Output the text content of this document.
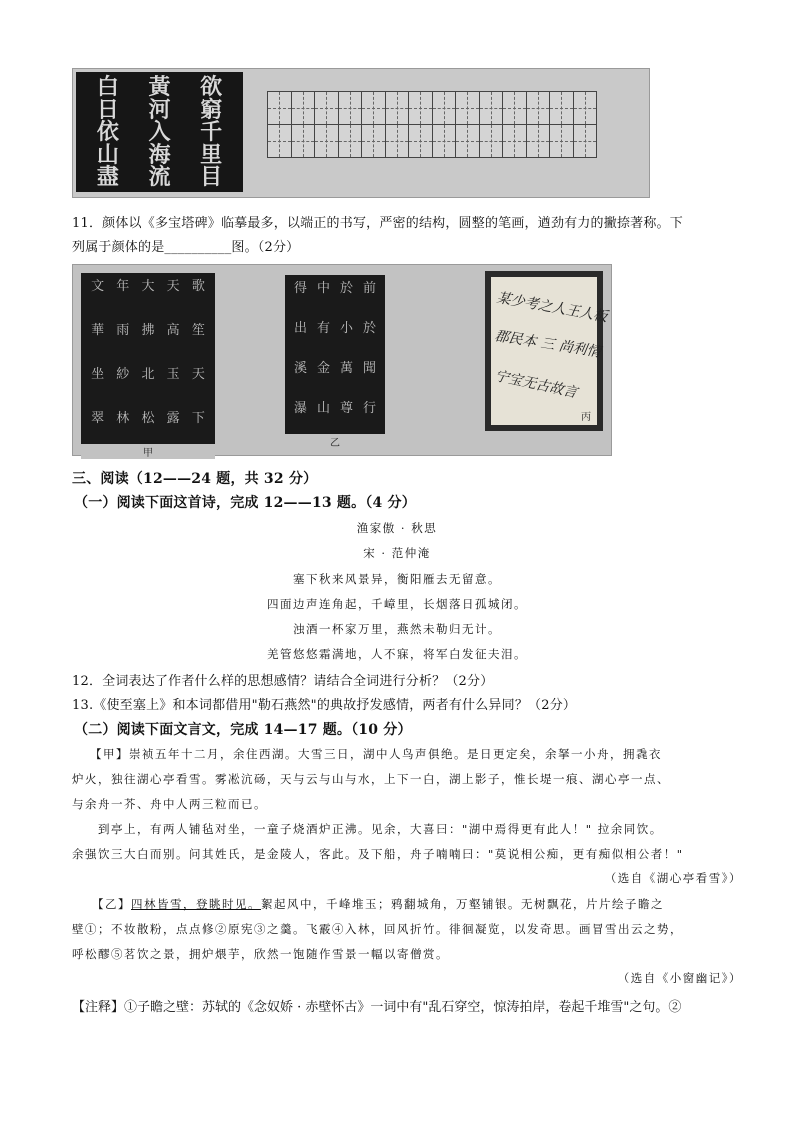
欲
窮
千
里
目
黃
河
入
海
流
白
日
依
山
盡
11．颜体以《多宝塔碑》临摹最多，以端正的书写，严密的结构，圆整的笔画，遒劲有力的撇捺著称。下
列属于颜体的是__________图。（2分）
歌
笙
天
下
天
高
玉
露
大
拂
北
松
年
雨
紗
林
文
華
坐
翠
甲
前
於
聞
行
於
小
萬
尊
中
有
金
山
得
出
溪
瀑
乙
某少考之人王人板
郡民本 三 尚利情
宁宝无古故言
丙
三、阅读（12——24 题，共 32 分）
（一）阅读下面这首诗，完成 12——13 题。（4 分）
渔家傲 · 秋思
宋 · 范仲淹
塞下秋来风景异，衡阳雁去无留意。
四面边声连角起，千嶂里，长烟落日孤城闭。
浊酒一杯家万里，燕然未勒归无计。
羌管悠悠霜满地，人不寐，将军白发征夫泪。
12．全词表达了作者什么样的思想感情？请结合全词进行分析？（2分）
13.《使至塞上》和本词都借用"勒石燕然"的典故抒发感情，两者有什么异同？（2分）
（二）阅读下面文言文，完成 14—17 题。（10 分）
【甲】崇祯五年十二月，余住西湖。大雪三日，湖中人鸟声俱绝。是日更定矣，余拏一小舟，拥毳衣
炉火，独往湖心亭看雪。雾凇沆砀，天与云与山与水，上下一白，湖上影子，惟长堤一痕、湖心亭一点、
与余舟一芥、舟中人两三粒而已。
到亭上，有两人铺毡对坐，一童子烧酒炉正沸。见余，大喜曰："湖中焉得更有此人！" 拉余同饮。
余强饮三大白而别。问其姓氏，是金陵人，客此。及下船，舟子喃喃曰："莫说相公痴，更有痴似相公者！"
（选自《湖心亭看雪》）
【乙】四林皆雪，登眺时见。絮起风中，千峰堆玉；鸦翻城角，万壑铺银。无树飘花，片片绘子瞻之
壁①；不妆散粉，点点修②原宪③之羹。飞霰④入林，回风折竹。徘徊凝览，以发奇思。画冒雪出云之势，
呼松醪⑤茗饮之景，拥炉煨芋，欣然一饱随作雪景一幅以寄僧赏。
（选自《小窗幽记》）
【注释】①子瞻之壁：苏轼的《念奴娇 · 赤壁怀古》一词中有"乱石穿空，惊涛拍岸，卷起千堆雪"之句。②
